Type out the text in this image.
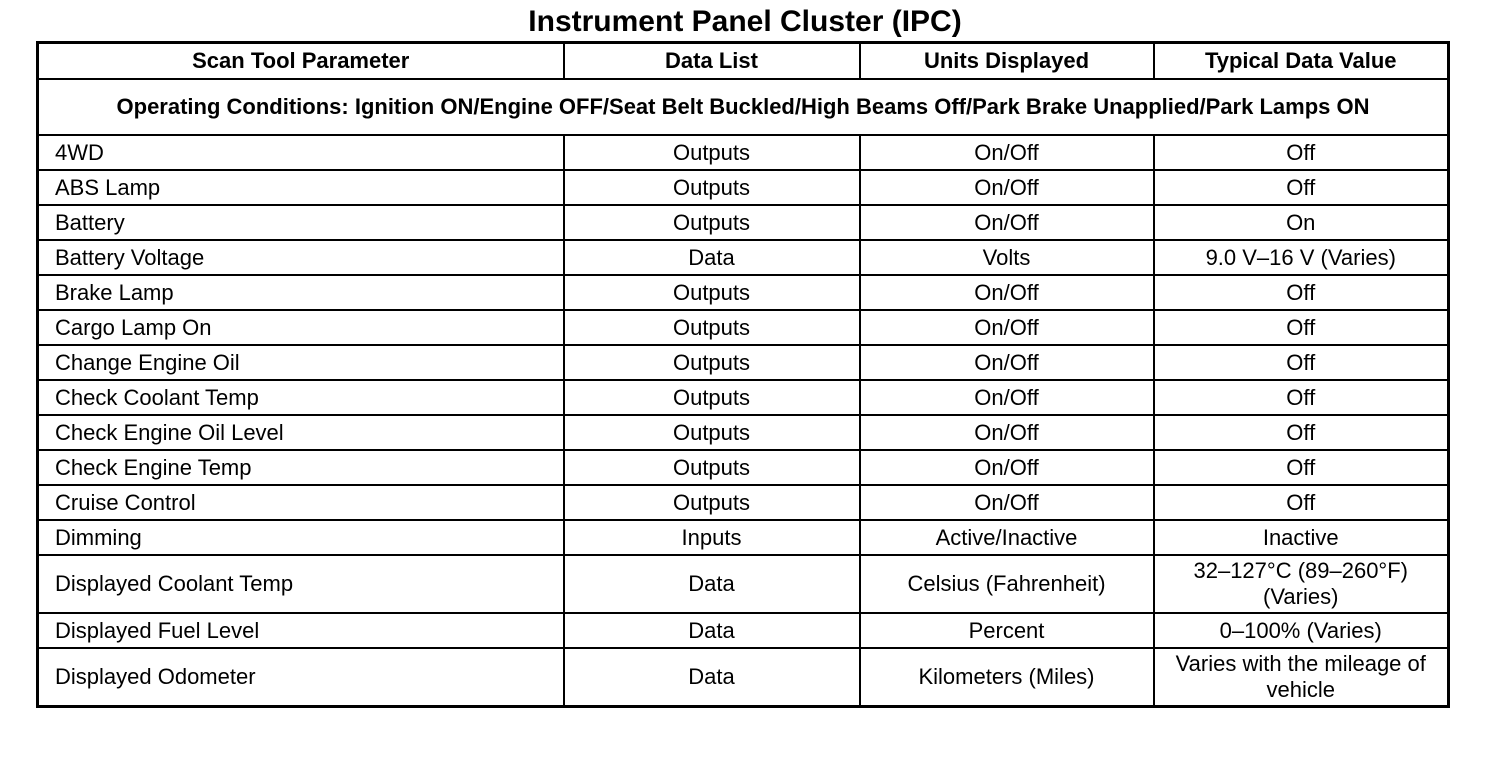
Instrument Panel Cluster (IPC)
Scan Tool Parameter	Data List	Units Displayed	Typical Data Value
Operating Conditions: Ignition ON/Engine OFF/Seat Belt Buckled/High Beams Off/Park Brake Unapplied/Park Lamps ON			
4WD	Outputs	On/Off	Off
ABS Lamp	Outputs	On/Off	Off
Battery	Outputs	On/Off	On
Battery Voltage	Data	Volts	9.0 V–16 V (Varies)
Brake Lamp	Outputs	On/Off	Off
Cargo Lamp On	Outputs	On/Off	Off
Change Engine Oil	Outputs	On/Off	Off
Check Coolant Temp	Outputs	On/Off	Off
Check Engine Oil Level	Outputs	On/Off	Off
Check Engine Temp	Outputs	On/Off	Off
Cruise Control	Outputs	On/Off	Off
Dimming	Inputs	Active/Inactive	Inactive
Displayed Coolant Temp	Data	Celsius (Fahrenheit)	32–127°C (89–260°F) (Varies)
Displayed Fuel Level	Data	Percent	0–100% (Varies)
Displayed Odometer	Data	Kilometers (Miles)	Varies with the mileage of vehicle
